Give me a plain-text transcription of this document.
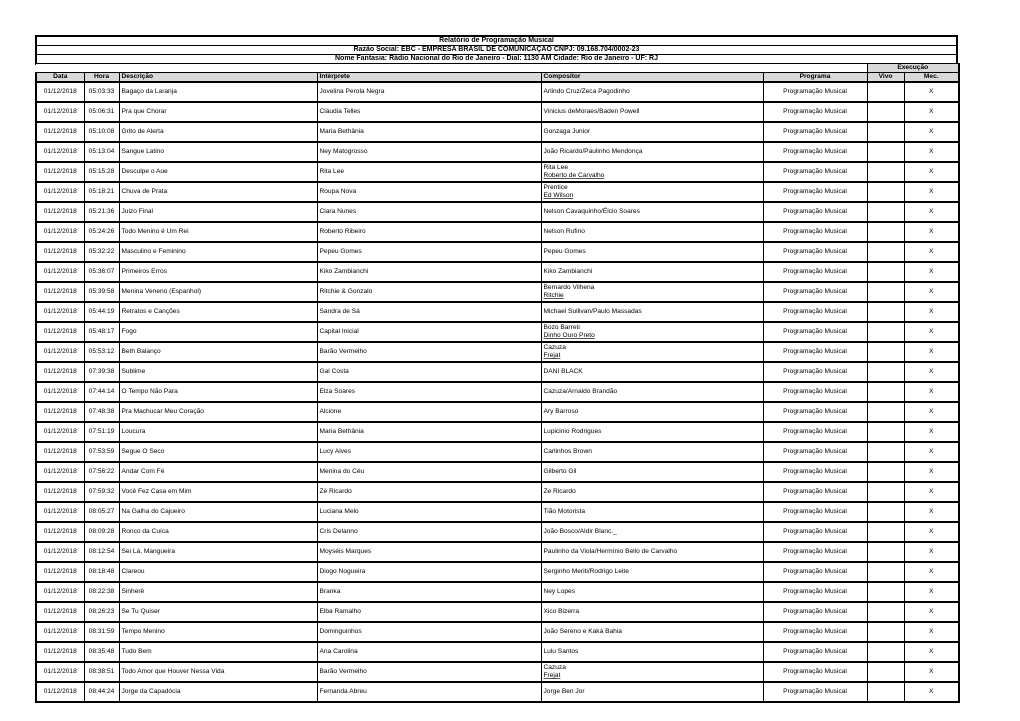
Relatório de Programação Musical
Razão Social: EBC - EMPRESA BRASIL DE COMUNICAÇÃO CNPJ: 09.168.704/0002-23
Nome Fantasia: Rádio Nacional do Rio de Janeiro - Dial: 1130 AM Cidade: Rio de Janeiro - UF: RJ
						Execução	
Data	Hora	Descrição	Intérprete	Compositor	Programa	Vivo	Mec.
01/12/2018	05:03:33	Bagaço da Laranja	Jovelina Perola Negra	Arlindo Cruz/Zeca Pagodinho	Programação Musical		X
01/12/2018	05:06:31	Pra que Chorar	Cláudia Telles	Vinicius deMoraes/Baden Powell	Programação Musical		X
01/12/2018	05:10:08	Grito de Alerta	Maria Bethânia	Gonzaga Junior	Programação Musical		X
01/12/2018	05:13:04	Sangue Latino	Ney Matogrosso	João Ricardo/Paulinho Mendonça	Programação Musical		X
01/12/2018	05:15:28	Desculpe o Aue	Rita Lee	Rita Lee
Roberto de Carvalho	Programação Musical		X
01/12/2018	05:18:21	Chuva de Prata	Roupa Nova	Prentice
Ed Wilson	Programação Musical		X
01/12/2018	05:21:36	Juizo Final	Clara Nunes	Nelson Cavaquinho/Élcio Soares	Programação Musical		X
01/12/2018	05:24:26	Todo Menino é Um Rei	Roberto Ribeiro	Nelson Rufino	Programação Musical		X
01/12/2018	05:32:22	Masculino e Feminino	Pepeu Gomes	Pepeu Gomes	Programação Musical		X
01/12/2018	05:36:07	Primeiros Erros	Kiko Zambianchi	Kiko Zambianchi	Programação Musical		X
01/12/2018	05:39:58	Menina Veneno (Espanhol)	Ritchie & Gonzalo	Bernardo Vilhena
Ritchie	Programação Musical		X
01/12/2018	05:44:19	Retratos e Canções	Sandra de Sá	Michael Sullivan/Paulo Massadas	Programação Musical		X
01/12/2018	05:48:17	Fogo	Capital Inicial	Bozo Barreti
Dinho Ouro Preto	Programação Musical		X
01/12/2018	05:53:12	Beth Balanço	Barão Vermelho	Cazuza
Frejat	Programação Musical		X
01/12/2018	07:39:38	Sublime	Gal Costa	DANI BLACK	Programação Musical		X
01/12/2018	07:44:14	O Tempo Não Para	Elza Soares	Cazuza/Arnaldo Brandão	Programação Musical		X
01/12/2018	07:48:38	Pra Machucar Meu Coração	Alcione	Ary Barroso	Programação Musical		X
01/12/2018	07:51:19	Loucura	Maria Bethânia	Lupicinio Rodrigues	Programação Musical		X
01/12/2018	07:53:59	Segue O Seco	Lucy Alves	Carlinhos Brown	Programação Musical		X
01/12/2018	07:56:22	Andar Com Fé	Menina do Céu	Gilberto Gil	Programação Musical		X
01/12/2018	07:59:32	Você Fez Casa em Mim	Zé Ricardo	Ze Ricardo	Programação Musical		X
01/12/2018	08:05:27	Na Galha do Cajueiro	Luciana Melo	Tião Motorista	Programação Musical		X
01/12/2018	08:09:28	Ronco da Cuíca	Cris Delanno	João Bosco/Aldir Blanc._	Programação Musical		X
01/12/2018	08:12:54	Sei Lá, Mangueira	Moyséis Marques	Paulinho da Viola/Hermínio Bello de Carvalho	Programação Musical		X
01/12/2018	08:18:48	Clareou	Diogo Nogueira	Serginho Meriti/Rodrigo Leite	Programação Musical		X
01/12/2018	08:22:38	Sinherê	Branka	Ney Lopes	Programação Musical		X
01/12/2018	08:26:23	Se Tu Quiser	Elba Ramalho	Xico Bizerra	Programação Musical		X
01/12/2018	08:31:59	Tempo Menino	Dominguinhos	João Sereno e Kaká Bahia	Programação Musical		X
01/12/2018	08:35:48	Tudo Bem	Ana Carolina	Lulu Santos	Programação Musical		X
01/12/2018	08:38:51	Todo Amor que Houver Nessa Vida	Barão Vermelho	Cazuza
Frejat	Programação Musical		X
01/12/2018	08:44:24	Jorge da Capadócia	Fernanda Abreu	Jorge Ben Jor	Programação Musical		X
